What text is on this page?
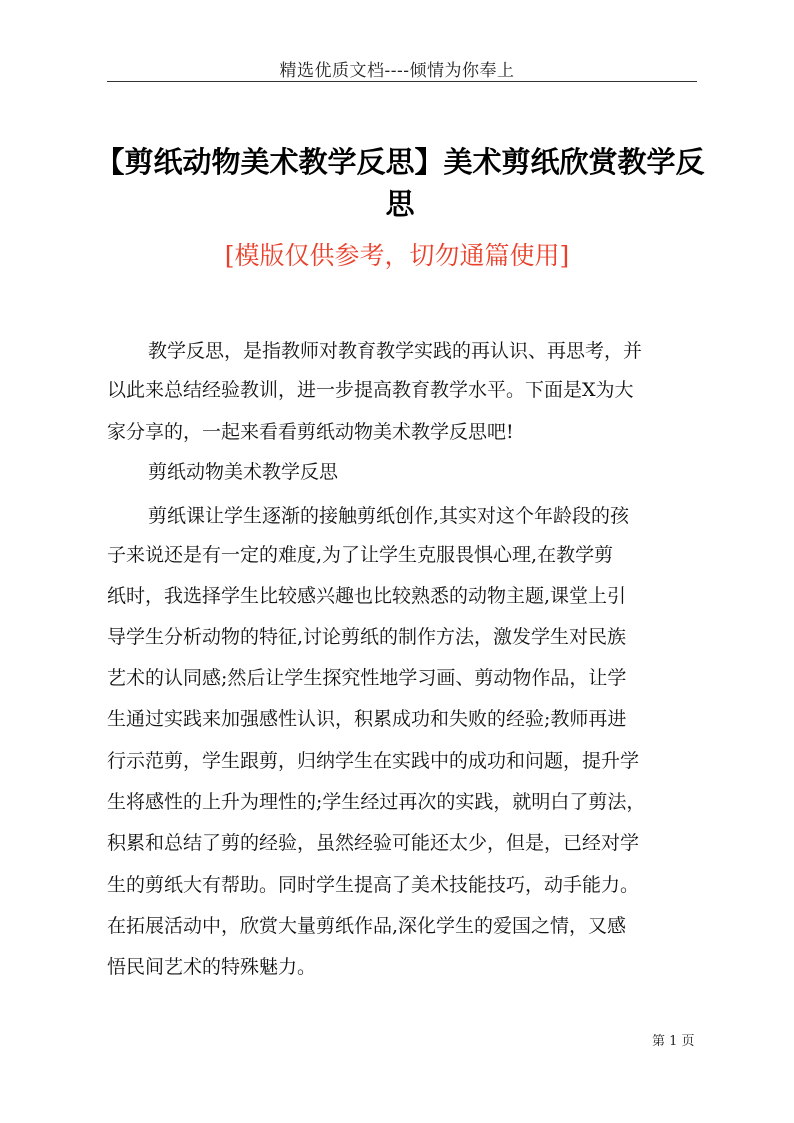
精选优质文档----倾情为你奉上
【剪纸动物美术教学反思】美术剪纸欣赏教学反思
[模版仅供参考，切勿通篇使用]
教学反思，是指教师对教育教学实践的再认识、再思考，并
以此来总结经验教训，进一步提高教育教学水平。下面是X为大
家分享的，一起来看看剪纸动物美术教学反思吧!
剪纸动物美术教学反思
剪纸课让学生逐渐的接触剪纸创作,其实对这个年龄段的孩
子来说还是有一定的难度,为了让学生克服畏惧心理,在教学剪
纸时，我选择学生比较感兴趣也比较熟悉的动物主题,课堂上引
导学生分析动物的特征,讨论剪纸的制作方法，激发学生对民族
艺术的认同感;然后让学生探究性地学习画、剪动物作品，让学
生通过实践来加强感性认识，积累成功和失败的经验;教师再进
行示范剪，学生跟剪，归纳学生在实践中的成功和问题，提升学
生将感性的上升为理性的;学生经过再次的实践，就明白了剪法，
积累和总结了剪的经验，虽然经验可能还太少，但是，已经对学
生的剪纸大有帮助。同时学生提高了美术技能技巧，动手能力。
在拓展活动中，欣赏大量剪纸作品,深化学生的爱国之情，又感
悟民间艺术的特殊魅力。
第 1 页
